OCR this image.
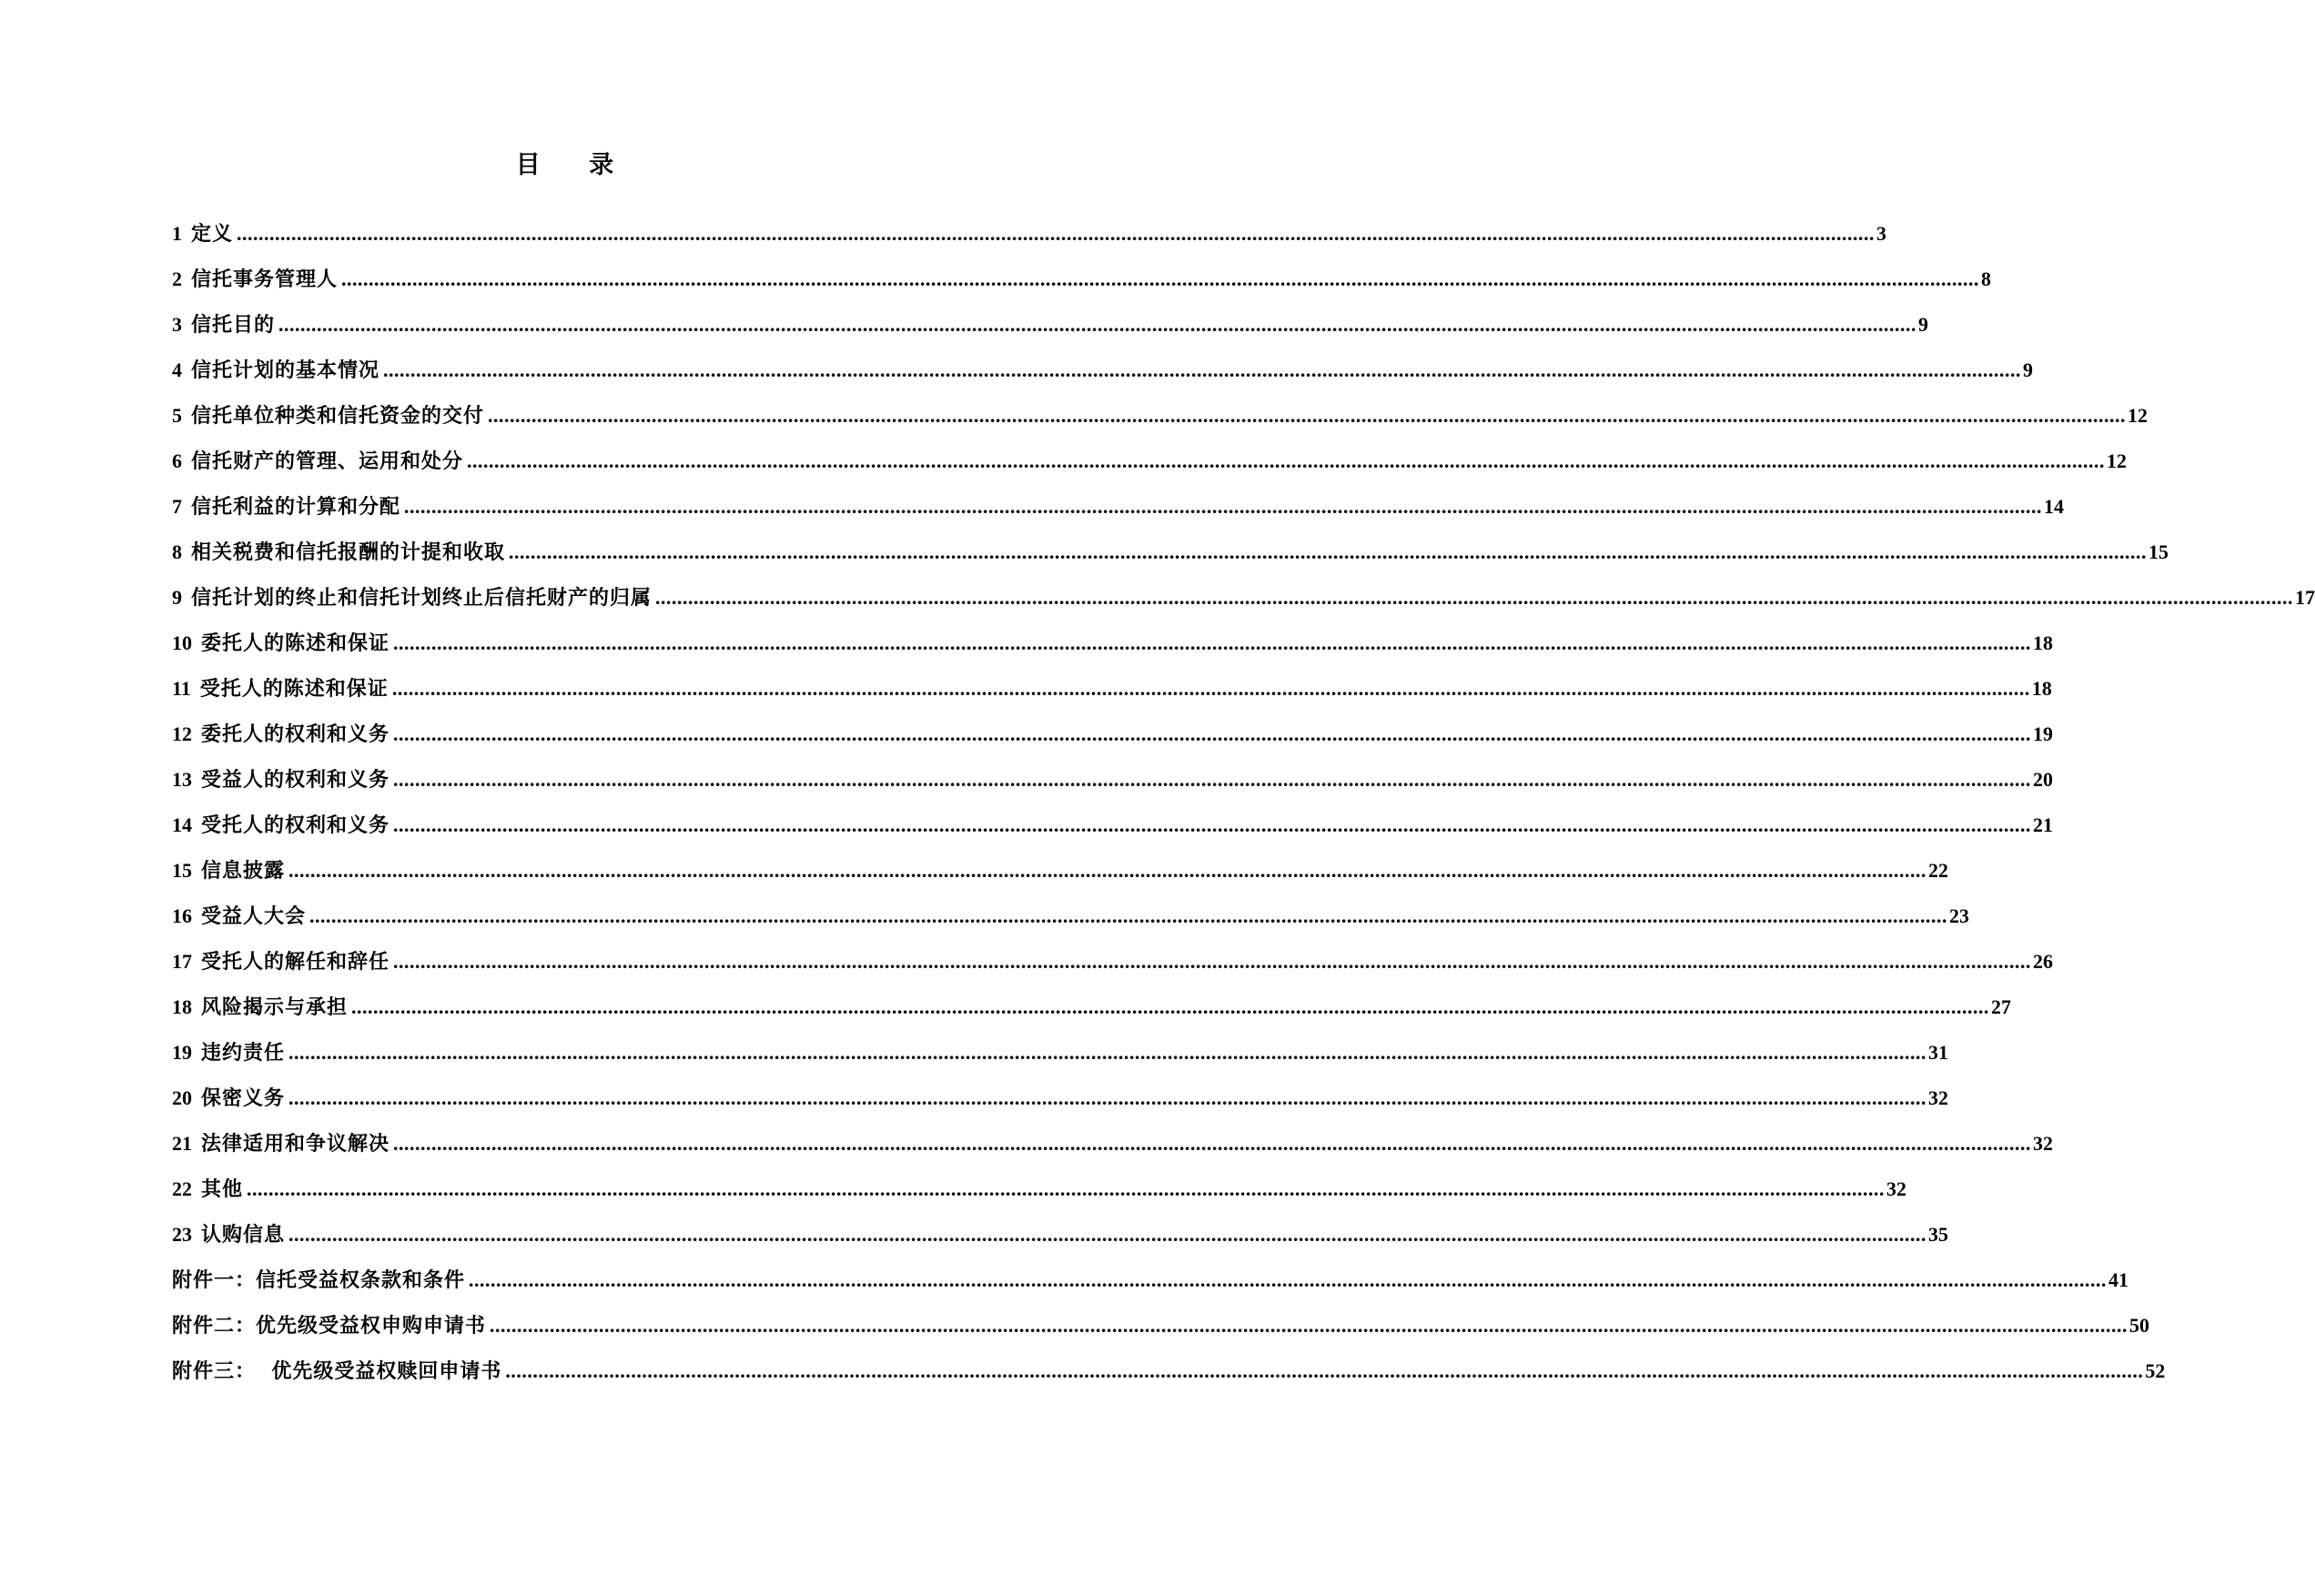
目 录
1 定义 ............................................................................................................................................................................................................................................................................................................ 3
2 信托事务管理人 ............................................................................................................................................................................................................................................................................................................ 8
3 信托目的 ............................................................................................................................................................................................................................................................................................................ 9
4 信托计划的基本情况 ............................................................................................................................................................................................................................................................................................................ 9
5 信托单位种类和信托资金的交付 ............................................................................................................................................................................................................................................................................................................ 12
6 信托财产的管理、运用和处分 ............................................................................................................................................................................................................................................................................................................ 12
7 信托利益的计算和分配 ............................................................................................................................................................................................................................................................................................................ 14
8 相关税费和信托报酬的计提和收取 ............................................................................................................................................................................................................................................................................................................ 15
9 信托计划的终止和信托计划终止后信托财产的归属 ............................................................................................................................................................................................................................................................................................................ 17
10 委托人的陈述和保证 ............................................................................................................................................................................................................................................................................................................ 18
11 受托人的陈述和保证 ............................................................................................................................................................................................................................................................................................................ 18
12 委托人的权利和义务 ............................................................................................................................................................................................................................................................................................................ 19
13 受益人的权利和义务 ............................................................................................................................................................................................................................................................................................................ 20
14 受托人的权利和义务 ............................................................................................................................................................................................................................................................................................................ 21
15 信息披露 ............................................................................................................................................................................................................................................................................................................ 22
16 受益人大会 ............................................................................................................................................................................................................................................................................................................ 23
17 受托人的解任和辞任 ............................................................................................................................................................................................................................................................................................................ 26
18 风险揭示与承担 ............................................................................................................................................................................................................................................................................................................ 27
19 违约责任 ............................................................................................................................................................................................................................................................................................................ 31
20 保密义务 ............................................................................................................................................................................................................................................................................................................ 32
21 法律适用和争议解决 ............................................................................................................................................................................................................................................................................................................ 32
22 其他 ............................................................................................................................................................................................................................................................................................................ 32
23 认购信息 ............................................................................................................................................................................................................................................................................................................ 35
附件一：信托受益权条款和条件 ............................................................................................................................................................................................................................................................................................................ 41
附件二：优先级受益权申购申请书 ............................................................................................................................................................................................................................................................................................................ 50
附件三：  优先级受益权赎回申请书 ............................................................................................................................................................................................................................................................................................................ 52
